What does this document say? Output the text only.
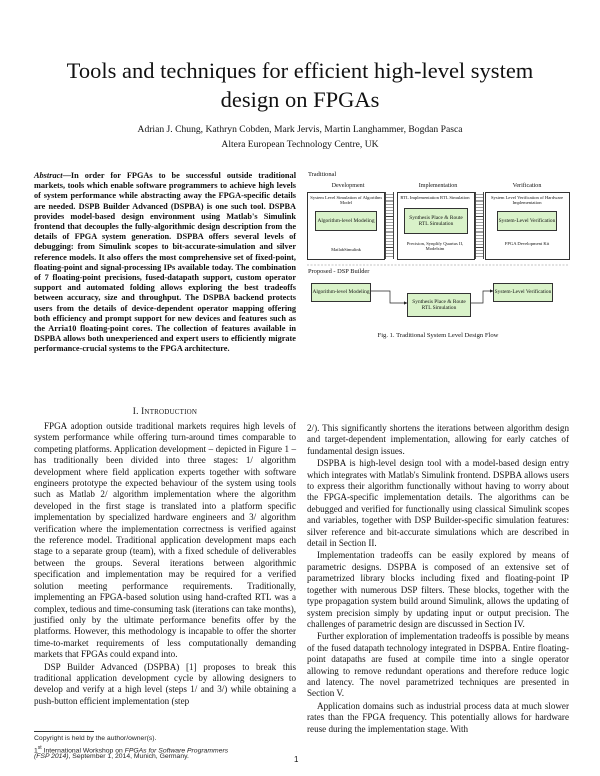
Tools and techniques for efficient high-level system design on FPGAs
Adrian J. Chung, Kathryn Cobden, Mark Jervis, Martin Langhammer, Bogdan Pasca
Altera European Technology Centre, UK
Abstract—In order for FPGAs to be successful outside traditional markets, tools which enable software programmers to achieve high levels of system performance while abstracting away the FPGA-specific details are needed. DSPB Builder Advanced (DSPBA) is one such tool. DSPBA provides model-based design environment using Matlab's Simulink frontend that decouples the fully-algorithmic design description from the details of FPGA system generation. DSPBA offers several levels of debugging: from Simulink scopes to bit-accurate-simulation and silver reference models. It also offers the most comprehensive set of fixed-point, floating-point and signal-processing IPs available today. The combination of 7 floating-point precisions, fused-datapath support, custom operator support and automated folding allows exploring the best tradeoffs between accuracy, size and throughput. The DSPBA backend protects users from the details of device-dependent operator mapping offering both efficiency and prompt support for new devices and features such as the Arria10 floating-point cores. The collection of features available in DSPBA allows both unexperienced and expert users to efficiently migrate performance-crucial systems to the FPGA architecture.
I. Introduction

FPGA adoption outside traditional markets requires high levels of system performance while offering turn-around times comparable to competing platforms. Application development – depicted in Figure 1 – has traditionally been divided into three stages: 1/ algorithm development where field application experts together with software engineers prototype the expected behaviour of the system using tools such as Matlab 2/ algorithm implementation where the algorithm developed in the first stage is translated into a platform specific implementation by specialized hardware engineers and 3/ algorithm verification where the implementation correctness is verified against the reference model. Traditional application development maps each stage to a separate group (team), with a fixed schedule of deliverables between the groups. Several iterations between algorithmic specification and implementation may be required for a verified solution meeting performance requirements. Traditionally, implementing an FPGA-based solution using hand-crafted RTL was a complex, tedious and time-consuming task (iterations can take months), justified only by the ultimate performance benefits offer by the platforms. However, this methodology is incapable to offer the shorter time-to-market requirements of less computationally demanding markets that FPGAs could expand into.

DSP Builder Advanced (DSPBA) [1] proposes to break this traditional application development cycle by allowing designers to develop and verify at a high level (steps 1/ and 3/) while obtaining a push-button efficient implementation (step

2/). This significantly shortens the iterations between algorithm design and target-dependent implementation, allowing for early catches of fundamental design issues.

DSPBA is high-level design tool with a model-based design entry which integrates with Matlab's Simulink frontend. DSPBA allows users to express their algorithm functionally without having to worry about the FPGA-specific implementation details. The algorithms can be debugged and verified for functionally using classical Simulink scopes and variables, together with DSP Builder-specific simulation features: silver reference and bit-accurate simulations which are described in detail in Section II.

Implementation tradeoffs can be easily explored by means of parametric designs. DSPBA is composed of an extensive set of parametrized library blocks including fixed and floating-point IP together with numerous DSP filters. These blocks, together with the type propagation system build around Simulink, allows the updating of system precision simply by updating input or output precision. The challenges of parametric design are discussed in Section IV.

Further exploration of implementation tradeoffs is possible by means of the fused datapath technology integrated in DSPBA. Entire floating-point datapaths are fused at compile time into a single operator allowing to remove redundant operations and therefore reduce logic and latency. The novel parametrized techniques are presented in Section V.

Application domains such as industrial process data at much slower rates than the FPGA frequency. This potentially allows for hardware reuse during the implementation stage. With

Traditional
Development	Implementation	Verification
System Level Simulation of Algorithm Model
Algorithm-level Modeling
MatlabSimulink
RTL Implementation RTL Simulation
Synthesis Place & Route RTL Simulation
Precision, Synplify Quartus II, Modelsim
System Level Verification of Hardware Implementation
System-Level Verification
FPGA Development Kit
Proposed - DSP Builder
Algorithm-level Modeling
Synthesis Place & Route RTL Simulation
System-Level Verification
Fig. 1. Traditional System Level Design Flow
Copyright is held by the author/owner(s).
1st International Workshop on FPGAs for Software Programmers
(FSP 2014), September 1, 2014, Munich, Germany.	1
